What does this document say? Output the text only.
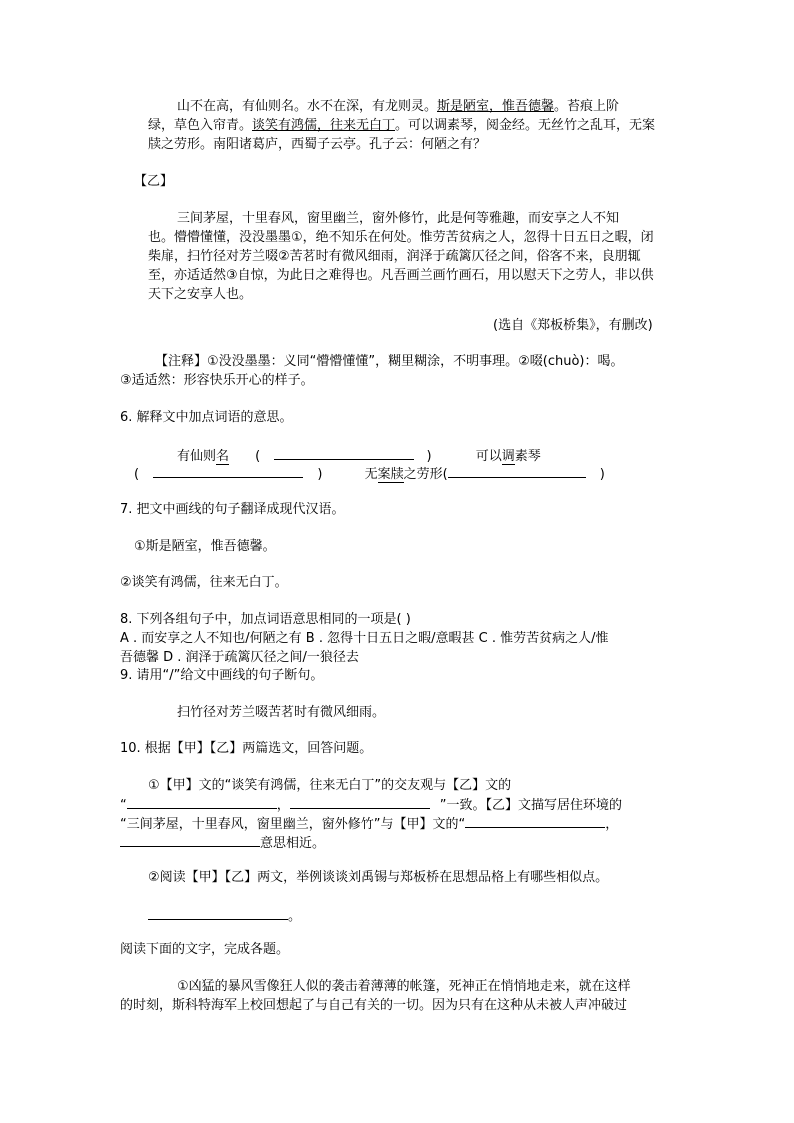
山不在高，有仙则名。水不在深，有龙则灵。斯是陋室，惟吾德馨。苔痕上阶
绿，草色入帘青。谈笑有鸿儒，往来无白丁。可以调素琴，阅金经。无丝竹之乱耳，无案
牍之劳形。南阳诸葛庐，西蜀子云亭。孔子云：何陋之有？
【乙】
三间茅屋，十里春风，窗里幽兰，窗外修竹，此是何等雅趣，而安享之人不知
也。懵懵懂懂，没没墨墨①，绝不知乐在何处。惟劳苦贫病之人，忽得十日五日之暇，闭
柴扉，扫竹径对芳兰啜②苦茗时有微风细雨，润泽于疏篱仄径之间，俗客不来，良朋辄
至，亦适适然③自惊，为此日之难得也。凡吾画兰画竹画石，用以慰天下之劳人，非以供
天下之安享人也。
(选自《郑板桥集》，有删改)
【注释】①没没墨墨：义同“懵懵懂懂”，糊里糊涂，不明事理。②啜(chuò)：喝。
③适适然：形容快乐开心的样子。
6. 解释文中加点词语的意思。
有仙则名 (	)	可以调素琴
(	)	无案牍之劳形(	)
7. 把文中画线的句子翻译成现代汉语。
①斯是陋室，惟吾德馨。
②谈笑有鸿儒，往来无白丁。
8. 下列各组句子中，加点词语意思相同的一项是( )
A . 而安享之人不知也/何陋之有 B . 忽得十日五日之暇/意暇甚 C . 惟劳苦贫病之人/惟
吾德馨 D . 润泽于疏篱仄径之间/一狼径去
9. 请用“/”给文中画线的句子断句。
扫竹径对芳兰啜苦茗时有微风细雨。
10. 根据【甲】【乙】两篇选文，回答问题。
①【甲】文的“谈笑有鸿儒，往来无白丁”的交友观与【乙】文的
“	，	”一致。【乙】文描写居住环境的
“三间茅屋，十里春风，窗里幽兰，窗外修竹”与【甲】文的“	，
意思相近。
②阅读【甲】【乙】两文，举例谈谈刘禹锡与郑板桥在思想品格上有哪些相似点。
。
阅读下面的文字，完成各题。
①凶猛的暴风雪像狂人似的袭击着薄薄的帐篷，死神正在悄悄地走来，就在这样
的时刻，斯科特海军上校回想起了与自己有关的一切。因为只有在这种从未被人声冲破过
